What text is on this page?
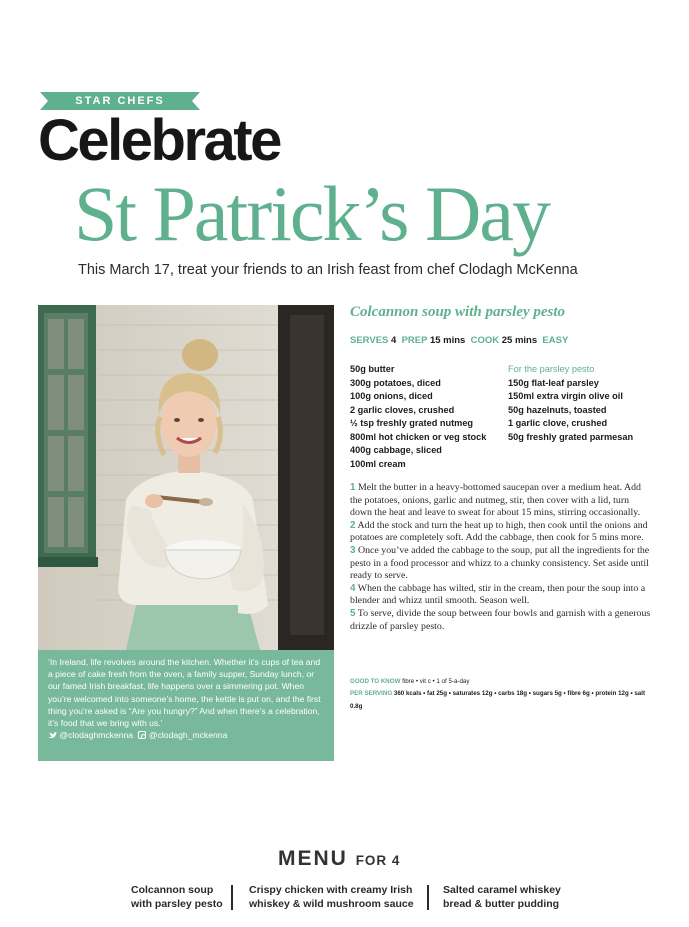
STAR CHEFS
Celebrate
St Patrick’s Day
This March 17, treat your friends to an Irish feast from chef Clodagh McKenna
‘In Ireland, life revolves around the kitchen. Whether it’s cups of tea and a piece of cake fresh from the oven, a family supper, Sunday lunch, or our famed Irish breakfast, life happens over a simmering pot. When you’re welcomed into someone’s home, the kettle is put on, and the first thing you’re asked is “Are you hungry?” And when there’s a celebration, it’s food that we bring with us.’  @clodaghmckenna @clodagh_mckenna
Colcannon soup with parsley pesto
SERVES 4 PREP 15 mins COOK 25 mins EASY
50g butter
300g potatoes, diced
100g onions, diced
2 garlic cloves, crushed
½ tsp freshly grated nutmeg
800ml hot chicken or veg stock
400g cabbage, sliced
100ml cream
For the parsley pesto
150g flat-leaf parsley
150ml extra virgin olive oil
50g hazelnuts, toasted
1 garlic clove, crushed
50g freshly grated parmesan
1 Melt the butter in a heavy-bottomed saucepan over a medium heat. Add the potatoes, onions, garlic and nutmeg, stir, then cover with a lid, turn down the heat and leave to sweat for about 15 mins, stirring occasionally.
2 Add the stock and turn the heat up to high, then cook until the onions and potatoes are completely soft. Add the cabbage, then cook for 5 mins more.
3 Once you’ve added the cabbage to the soup, put all the ingredients for the pesto in a food processor and whizz to a chunky consistency. Set aside until ready to serve.
4 When the cabbage has wilted, stir in the cream, then pour the soup into a blender and whizz until smooth. Season well.
5 To serve, divide the soup between four bowls and garnish with a generous drizzle of parsley pesto.
GOOD TO KNOW fibre • vit c • 1 of 5-a-day
PER SERVING 360 kcals • fat 25g • saturates 12g • carbs 18g • sugars 5g • fibre 6g • protein 12g • salt 0.8g
MENU FOR 4
Colcannon soup
with parsley pesto
Crispy chicken with creamy Irish
whiskey & wild mushroom sauce
Salted caramel whiskey
bread & butter pudding
